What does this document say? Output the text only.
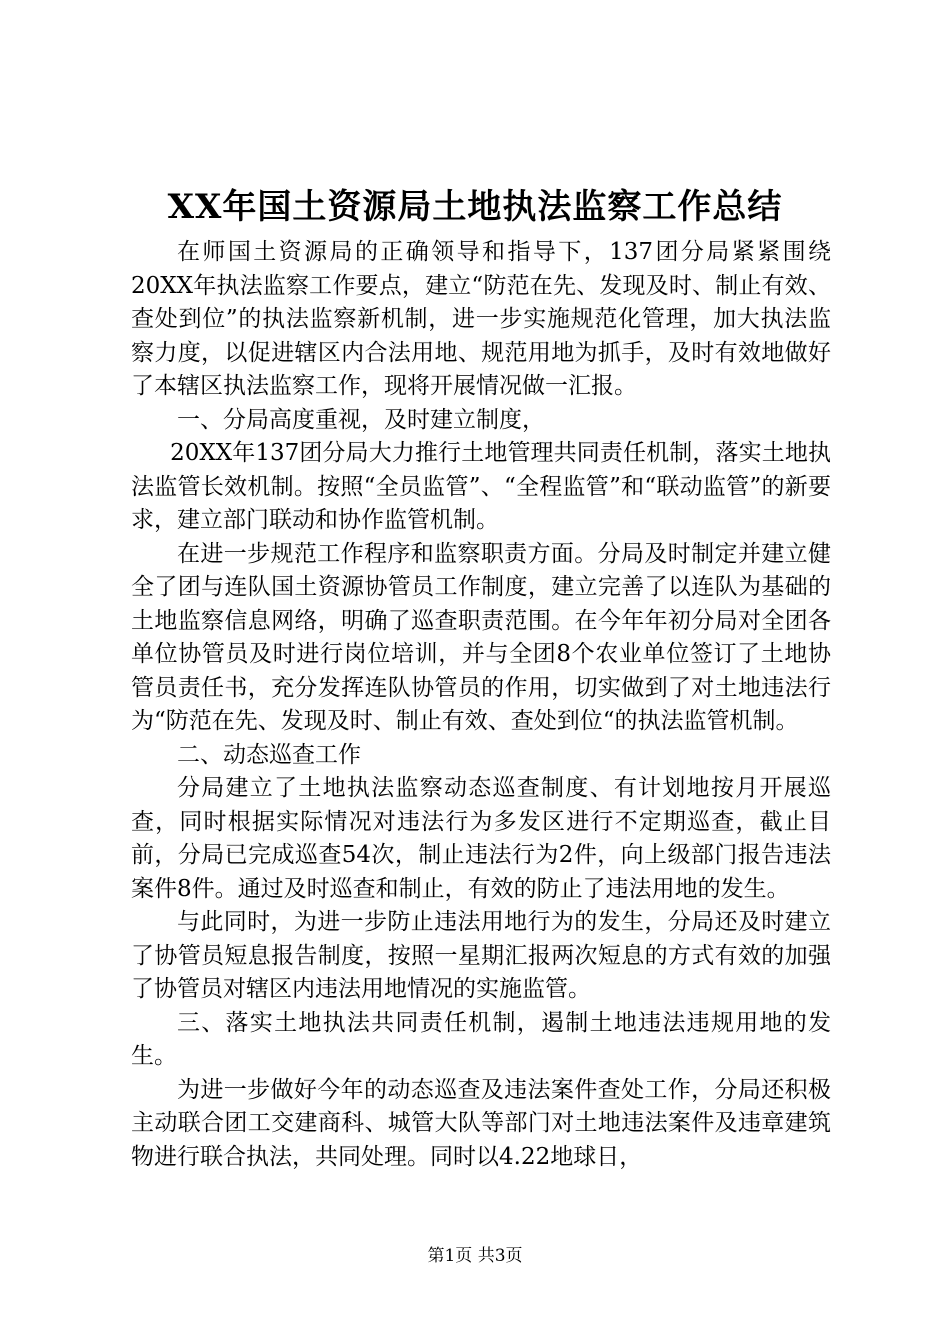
XX年国土资源局土地执法监察工作总结

在师国土资源局的正确领导和指导下，137团分局紧紧围绕20XX年执法监察工作要点，建立“防范在先、发现及时、制止有效、查处到位”的执法监察新机制，进一步实施规范化管理，加大执法监察力度，以促进辖区内合法用地、规范用地为抓手，及时有效地做好了本辖区执法监察工作，现将开展情况做一汇报。

一、分局高度重视，及时建立制度，

20XX年137团分局大力推行土地管理共同责任机制，落实土地执法监管长效机制。按照“全员监管”、“全程监管”和“联动监管”的新要求，建立部门联动和协作监管机制。

在进一步规范工作程序和监察职责方面。分局及时制定并建立健全了团与连队国土资源协管员工作制度，建立完善了以连队为基础的土地监察信息网络，明确了巡查职责范围。在今年年初分局对全团各单位协管员及时进行岗位培训，并与全团8个农业单位签订了土地协管员责任书，充分发挥连队协管员的作用，切实做到了对土地违法行为“防范在先、发现及时、制止有效、查处到位“的执法监管机制。

二、动态巡查工作

分局建立了土地执法监察动态巡查制度、有计划地按月开展巡查，同时根据实际情况对违法行为多发区进行不定期巡查，截止目前，分局已完成巡查54次，制止违法行为2件，向上级部门报告违法案件8件。通过及时巡查和制止，有效的防止了违法用地的发生。

与此同时，为进一步防止违法用地行为的发生，分局还及时建立了协管员短息报告制度，按照一星期汇报两次短息的方式有效的加强了协管员对辖区内违法用地情况的实施监管。

三、落实土地执法共同责任机制，遏制土地违法违规用地的发生。

为进一步做好今年的动态巡查及违法案件查处工作，分局还积极主动联合团工交建商科、城管大队等部门对土地违法案件及违章建筑物进行联合执法，共同处理。同时以4.22地球日，

第1页 共3页
